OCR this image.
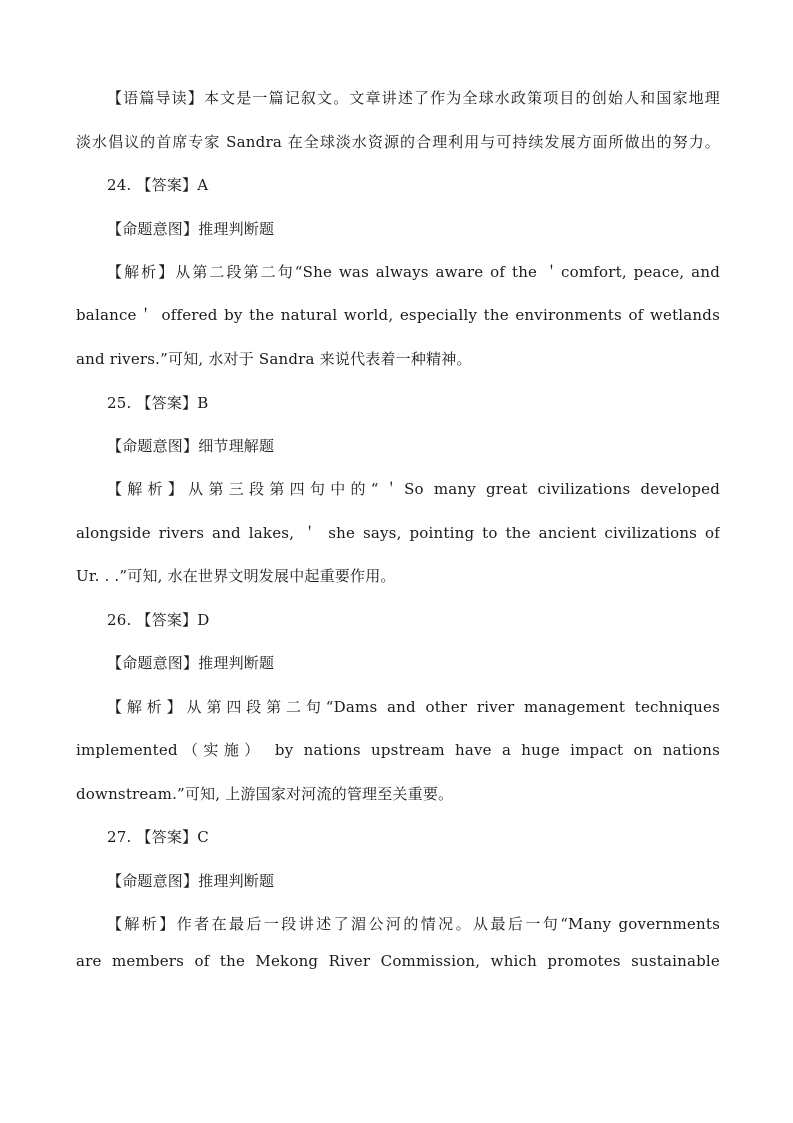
【语篇导读】本文是一篇记叙文。文章讲述了作为全球水政策项目的创始人和国家地理
淡水倡议的首席专家 Sandra 在全球淡水资源的合理利用与可持续发展方面所做出的努力。
24. 【答案】A
【命题意图】推理判断题
【解析】从第二段第二句“She was always aware of the ＇comfort, peace, and
balance＇ offered by the natural world, especially the environments of wetlands
and rivers.”可知, 水对于 Sandra 来说代表着一种精神。
25. 【答案】B
【命题意图】细节理解题
【解析】从第三段第四句中的“＇So many great civilizations developed
alongside rivers and lakes, ＇ she says, pointing to the ancient civilizations of
Ur. . .”可知, 水在世界文明发展中起重要作用。
26. 【答案】D
【命题意图】推理判断题
【解析】从第四段第二句“Dams and other river management techniques
implemented（实施） by nations upstream have a huge impact on nations
downstream.”可知, 上游国家对河流的管理至关重要。
27. 【答案】C
【命题意图】推理判断题
【解析】作者在最后一段讲述了湄公河的情况。从最后一句“Many governments
are members of the Mekong River Commission, which promotes sustainable
